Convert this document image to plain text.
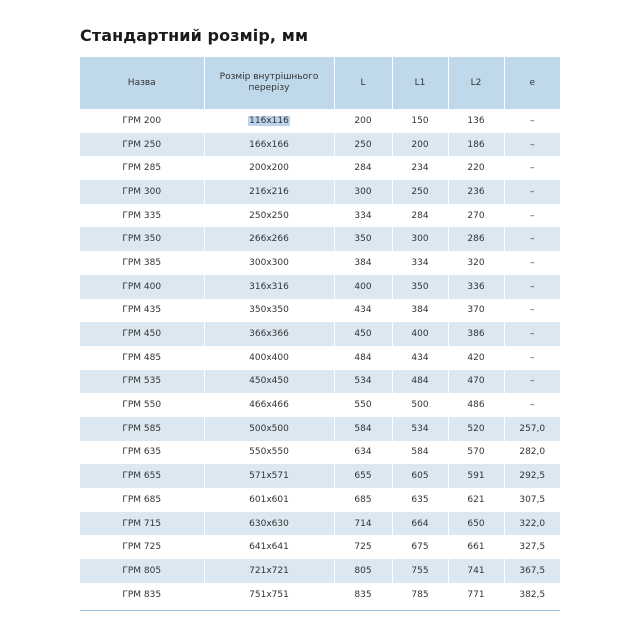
Стандартний розмір, мм
Назва	Розмір внутрішнього перерізу	L	L1	L2	e
ГРМ 200	116x116	200	150	136	–
ГРМ 250	166x166	250	200	186	–
ГРМ 285	200x200	284	234	220	–
ГРМ 300	216x216	300	250	236	–
ГРМ 335	250x250	334	284	270	–
ГРМ 350	266x266	350	300	286	–
ГРМ 385	300x300	384	334	320	–
ГРМ 400	316x316	400	350	336	–
ГРМ 435	350x350	434	384	370	–
ГРМ 450	366x366	450	400	386	–
ГРМ 485	400x400	484	434	420	–
ГРМ 535	450x450	534	484	470	–
ГРМ 550	466x466	550	500	486	–
ГРМ 585	500x500	584	534	520	257,0
ГРМ 635	550x550	634	584	570	282,0
ГРМ 655	571x571	655	605	591	292,5
ГРМ 685	601x601	685	635	621	307,5
ГРМ 715	630x630	714	664	650	322,0
ГРМ 725	641x641	725	675	661	327,5
ГРМ 805	721x721	805	755	741	367,5
ГРМ 835	751x751	835	785	771	382,5
